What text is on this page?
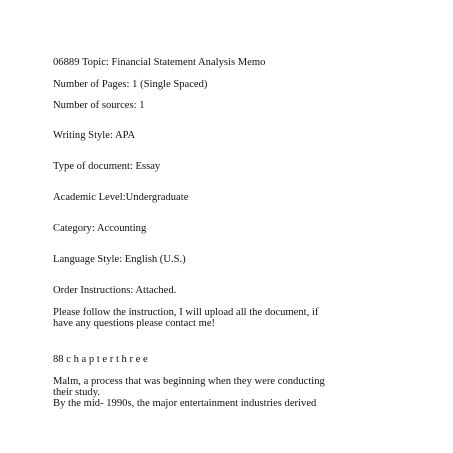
06889 Topic: Financial Statement Analysis Memo
Number of Pages: 1 (Single Spaced)
Number of sources: 1
Writing Style: APA
Type of document: Essay
Academic Level:Undergraduate
Category: Accounting
Language Style: English (U.S.)
Order Instructions: Attached.
Please follow the instruction, I will upload all the document, if
have any questions please contact me!
88 c h a p t e r t h r e e
Malm, a process that was beginning when they were conducting
their study.
By the mid- 1990s, the major entertainment industries derived
